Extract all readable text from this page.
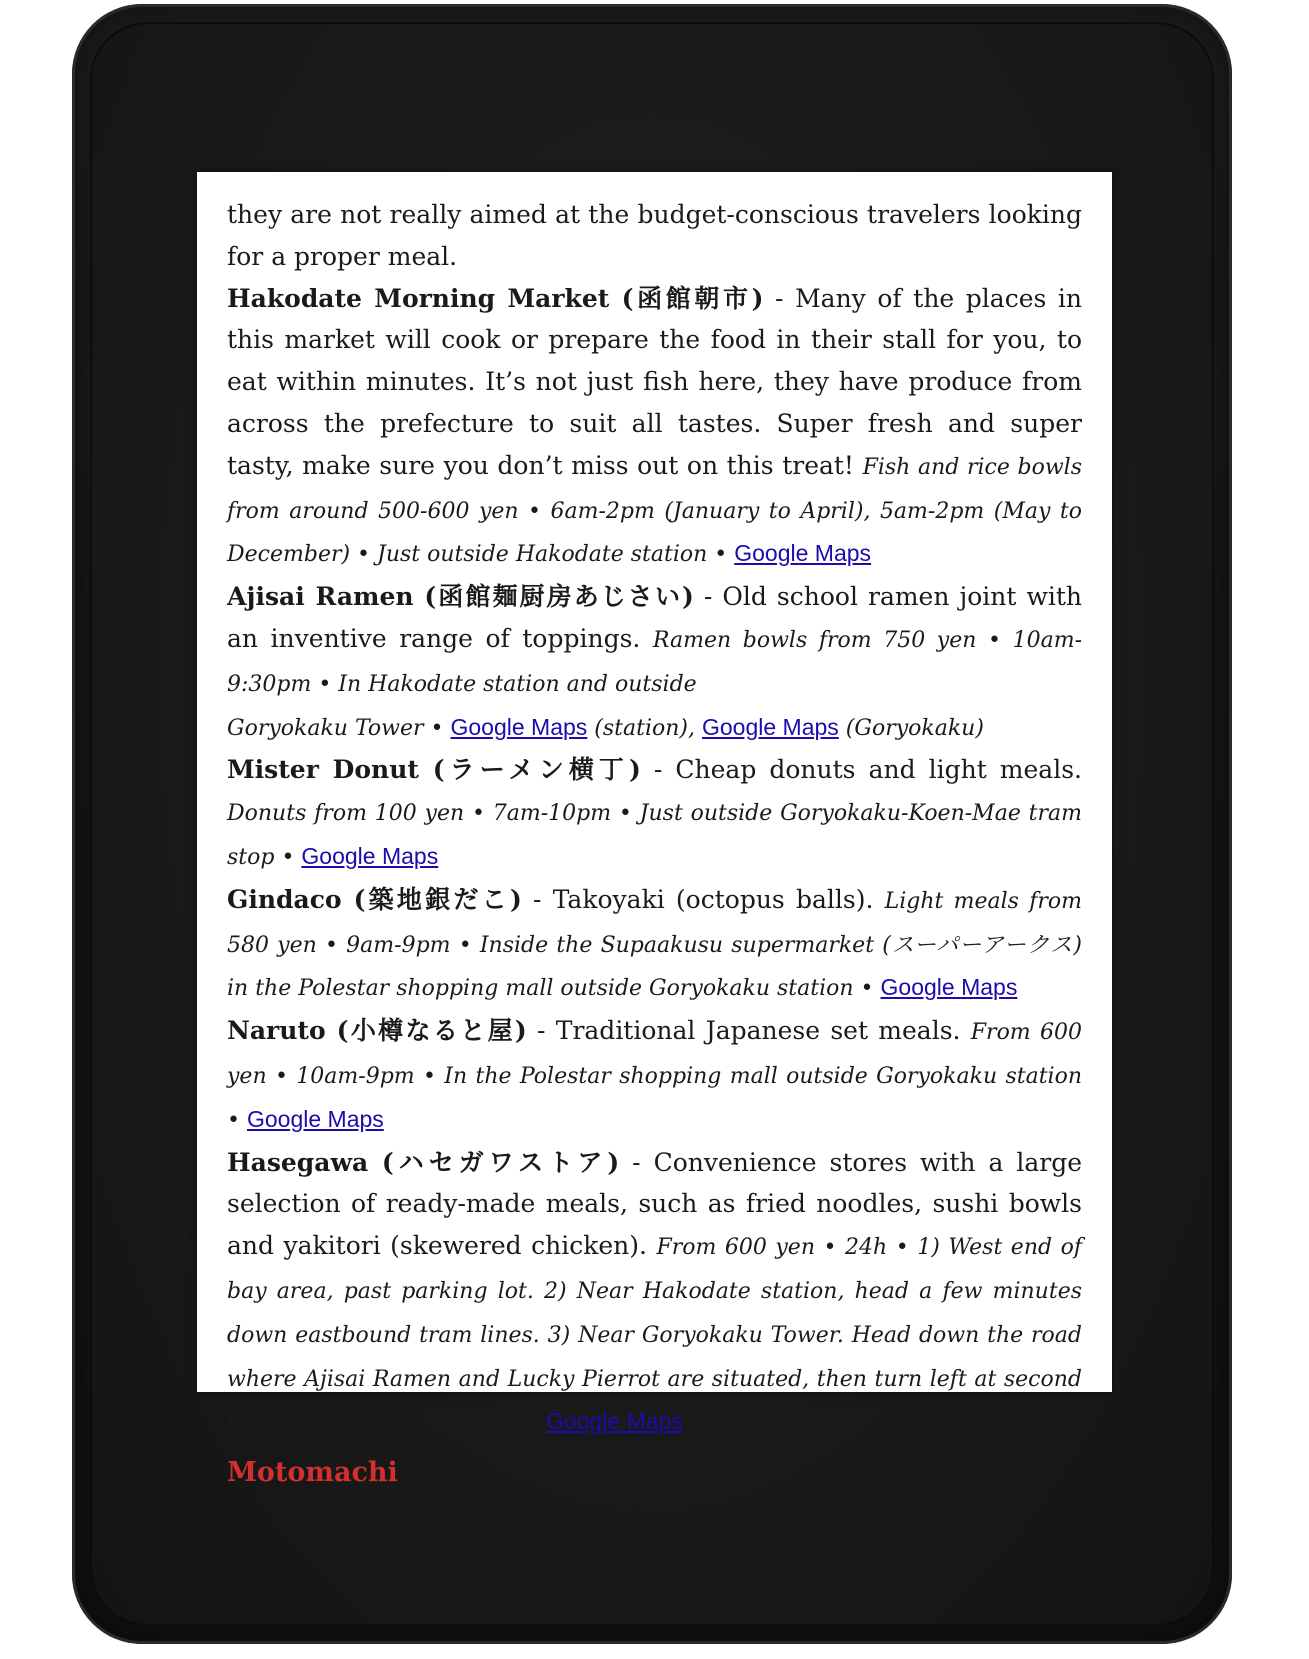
they are not really aimed at the budget-conscious travelers looking for a proper meal.

Hakodate Morning Market (函館朝市) - Many of the places in this market will cook or prepare the food in their stall for you, to eat within minutes. It’s not just fish here, they have produce from across the prefecture to suit all tastes. Super fresh and super tasty, make sure you don’t miss out on this treat! Fish and rice bowls from around 500-600 yen • 6am-2pm (January to April), 5am-2pm (May to December) • Just outside Hakodate station • Google Maps

Ajisai Ramen (函館麺厨房あじさい) - Old school ramen joint with an inventive range of toppings. Ramen bowls from 750 yen • 10am-9:30pm • In Hakodate station and outside
Goryokaku Tower • Google Maps (station), Google Maps (Goryokaku)

Mister Donut (ラーメン横丁) - Cheap donuts and light meals. Donuts from 100 yen • 7am-10pm • Just outside Goryokaku-Koen-Mae tram stop • Google Maps

Gindaco (築地銀だこ) - Takoyaki (octopus balls). Light meals from 580 yen • 9am-9pm • Inside the Supaakusu supermarket (スーパーアークス) in the Polestar shopping mall outside Goryokaku station • Google Maps

Naruto (小樽なると屋) - Traditional Japanese set meals. From 600 yen • 10am-9pm • In the Polestar shopping mall outside Goryokaku station • Google Maps

Hasegawa (ハセガワストア) - Convenience stores with a large selection of ready-made meals, such as fried noodles, sushi bowls and yakitori (skewered chicken). From 600 yen • 24h • 1) West end of bay area, past parking lot. 2) Near Hakodate station, head a few minutes down eastbound tram lines. 3) Near Goryokaku Tower. Head down the road where Ajisai Ramen and Lucky Pierrot are situated, then turn left at second block and walk down a bit • Google Maps

Motomachi
